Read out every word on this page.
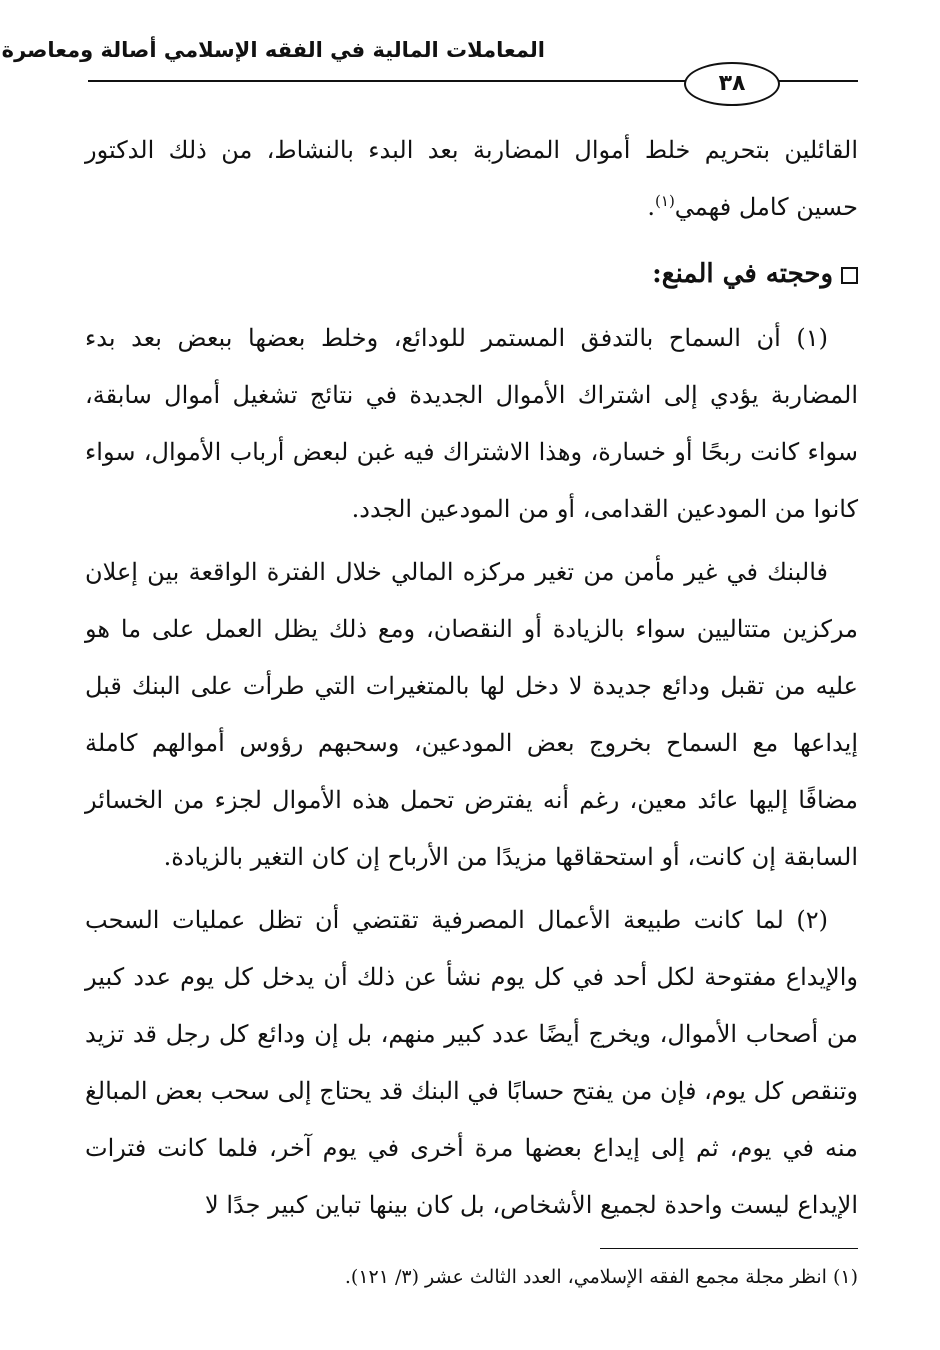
المعاملات المالية في الفقه الإسلامي أصالة ومعاصرة
٣٨

القائلين بتحريم خلط أموال المضاربة بعد البدء بالنشاط، من ذلك الدكتور حسين كامل فهمي$^{(١)}$.

وحجته في المنع:

(١) أن السماح بالتدفق المستمر للودائع، وخلط بعضها ببعض بعد بدء المضاربة يؤدي إلى اشتراك الأموال الجديدة في نتائج تشغيل أموال سابقة، سواء كانت ربحًا أو خسارة، وهذا الاشتراك فيه غبن لبعض أرباب الأموال، سواء كانوا من المودعين القدامى، أو من المودعين الجدد.

فالبنك في غير مأمن من تغير مركزه المالي خلال الفترة الواقعة بين إعلان مركزين متتاليين سواء بالزيادة أو النقصان، ومع ذلك يظل العمل على ما هو عليه من تقبل ودائع جديدة لا دخل لها بالمتغيرات التي طرأت على البنك قبل إيداعها مع السماح بخروج بعض المودعين، وسحبهم رؤوس أموالهم كاملة مضافًا إليها عائد معين، رغم أنه يفترض تحمل هذه الأموال لجزء من الخسائر السابقة إن كانت، أو استحقاقها مزيدًا من الأرباح إن كان التغير بالزيادة.

(٢) لما كانت طبيعة الأعمال المصرفية تقتضي أن تظل عمليات السحب والإيداع مفتوحة لكل أحد في كل يوم نشأ عن ذلك أن يدخل كل يوم عدد كبير من أصحاب الأموال، ويخرج أيضًا عدد كبير منهم، بل إن ودائع كل رجل قد تزيد وتنقص كل يوم، فإن من يفتح حسابًا في البنك قد يحتاج إلى سحب بعض المبالغ منه في يوم، ثم إلى إيداع بعضها مرة أخرى في يوم آخر، فلما كانت فترات الإيداع ليست واحدة لجميع الأشخاص، بل كان بينها تباين كبير جدًا لا

(١) انظر مجلة مجمع الفقه الإسلامي، العدد الثالث عشر (٣/ ١٢١).
